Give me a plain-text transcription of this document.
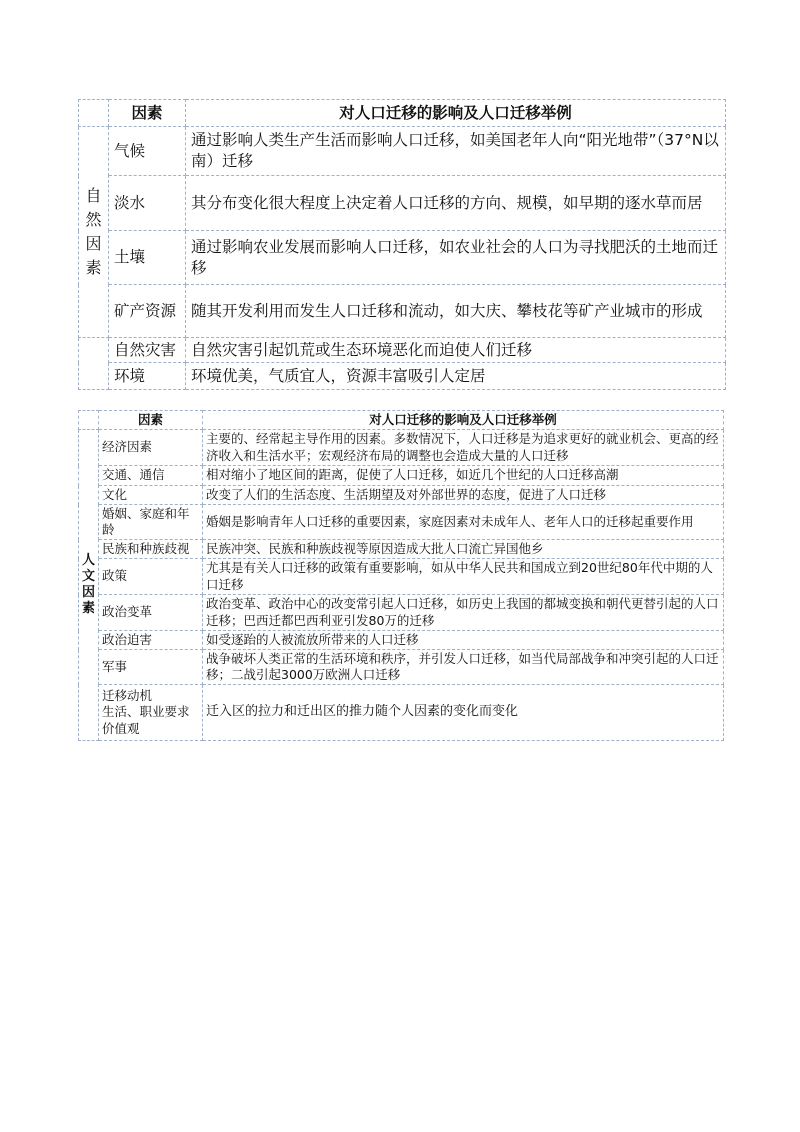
	因素	对人口迁移的影响及人口迁移举例
自然因素	气候	通过影响人类生产生活而影响人口迁移，如美国老年人向“阳光地带”（37°N以南）迁移
	淡水	其分布变化很大程度上决定着人口迁移的方向、规模，如早期的逐水草而居
	土壤	通过影响农业发展而影响人口迁移，如农业社会的人口为寻找肥沃的土地而迁移
	矿产资源	随其开发利用而发生人口迁移和流动，如大庆、攀枝花等矿产业城市的形成
	自然灾害	自然灾害引起饥荒或生态环境恶化而迫使人们迁移
	环境	环境优美，气质宜人，资源丰富吸引人定居
	因素	对人口迁移的影响及人口迁移举例
人文因素	经济因素	主要的、经常起主导作用的因素。多数情况下，人口迁移是为追求更好的就业机会、更高的经济收入和生活水平；宏观经济布局的调整也会造成大量的人口迁移
	交通、通信	相对缩小了地区间的距离，促使了人口迁移，如近几个世纪的人口迁移高潮
	文化	改变了人们的生活态度、生活期望及对外部世界的态度，促进了人口迁移
	婚姻、家庭和年龄	婚姻是影响青年人口迁移的重要因素，家庭因素对未成年人、老年人口的迁移起重要作用
	民族和种族歧视	民族冲突、民族和种族歧视等原因造成大批人口流亡异国他乡
	政策	尤其是有关人口迁移的政策有重要影响，如从中华人民共和国成立到20世纪80年代中期的人口迁移
	政治变革	政治变革、政治中心的改变常引起人口迁移，如历史上我国的都城变换和朝代更替引起的人口迁移；巴西迁都巴西利亚引发80万的迁移
	政治迫害	如受逐跆的人被流放所带来的人口迁移
	军事	战争破坏人类正常的生活环境和秩序，并引发人口迁移，如当代局部战争和冲突引起的人口迁移；二战引起3000万欧洲人口迁移

	迁移动机
生活、职业要求
价值观	迁入区的拉力和迁出区的推力随个人因素的变化而变化
